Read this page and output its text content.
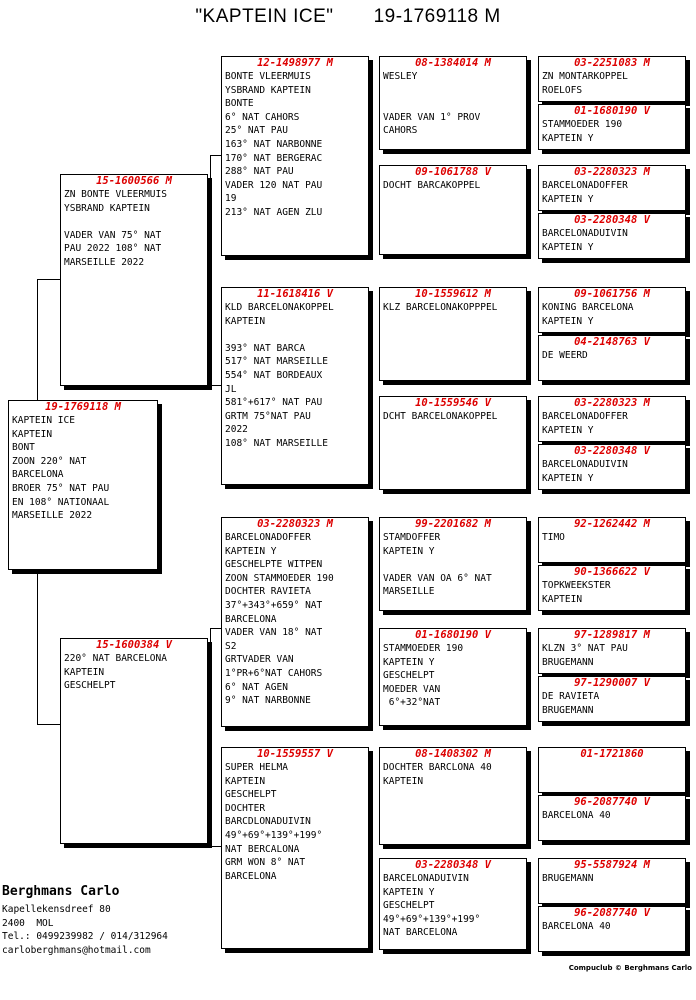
"KAPTEIN ICE" 19-1769118 M
19-1769118 M
KAPTEIN ICE
KAPTEIN
BONT
ZOON 220° NAT
BARCELONA
BROER 75° NAT PAU
EN 108° NATIONAAL
MARSEILLE 2022
15-1600566 M
ZN BONTE VLEERMUIS
YSBRAND KAPTEIN
VADER VAN 75° NAT
PAU 2022 108° NAT
MARSEILLE 2022
15-1600384 V
220° NAT BARCELONA
KAPTEIN
GESCHELPT
12-1498977 M
BONTE VLEERMUIS
YSBRAND KAPTEIN
BONTE
6° NAT CAHORS
25° NAT PAU
163° NAT NARBONNE
170° NAT BERGERAC
288° NAT PAU
VADER 120 NAT PAU
19
213° NAT AGEN ZLU
11-1618416 V
KLD BARCELONAKOPPEL
KAPTEIN
393° NAT BARCA
517° NAT MARSEILLE
554° NAT BORDEAUX
JL
581°+617° NAT PAU
GRTM 75°NAT PAU
2022
108° NAT MARSEILLE
03-2280323 M
BARCELONADOFFER
KAPTEIN Y
GESCHELPTE WITPEN
ZOON STAMMOEDER 190
DOCHTER RAVIETA
37°+343°+659° NAT
BARCELONA
VADER VAN 18° NAT
S2
GRTVADER VAN
1°PR+6°NAT CAHORS
6° NAT AGEN
9° NAT NARBONNE
10-1559557 V
SUPER HELMA
KAPTEIN
GESCHELPT
DOCHTER
BARCDLONADUIVIN
49°+69°+139°+199°
NAT BERCALONA
GRM WON 8° NAT
BARCELONA
08-1384014 M
WESLEY
VADER VAN 1° PROV
CAHORS
09-1061788 V
DOCHT BARCAKOPPEL
10-1559612 M
KLZ BARCELONAKOPPPEL
10-1559546 V
DCHT BARCELONAKOPPEL
99-2201682 M
STAMDOFFER
KAPTEIN Y
VADER VAN OA 6° NAT
MARSEILLE
01-1680190 V
STAMMOEDER 190
KAPTEIN Y
GESCHELPT
MOEDER VAN
6°+32°NAT
08-1408302 M
DOCHTER BARCLONA 40
KAPTEIN
03-2280348 V
BARCELONADUIVIN
KAPTEIN Y
GESCHELPT
49°+69°+139°+199°
NAT BARCELONA
03-2251083 M
ZN MONTARKOPPEL
ROELOFS
01-1680190 V
STAMMOEDER 190
KAPTEIN Y
03-2280323 M
BARCELONADOFFER
KAPTEIN Y
03-2280348 V
BARCELONADUIVIN
KAPTEIN Y
09-1061756 M
KONING BARCELONA
KAPTEIN Y
04-2148763 V
DE WEERD
03-2280323 M
BARCELONADOFFER
KAPTEIN Y
03-2280348 V
BARCELONADUIVIN
KAPTEIN Y
92-1262442 M
TIMO
90-1366622 V
TOPKWEEKSTER
KAPTEIN
97-1289817 M
KLZN 3° NAT PAU
BRUGEMANN
97-1290007 V
DE RAVIETA
BRUGEMANN
01-1721860
96-2087740 V
BARCELONA 40
95-5587924 M
BRUGEMANN
96-2087740 V
BARCELONA 40
Berghmans Carlo
Kapellekensdreef 80
2400  MOL
Tel.: 0499239982 / 014/312964
carloberghmans@hotmail.com
Compuclub © Berghmans Carlo
